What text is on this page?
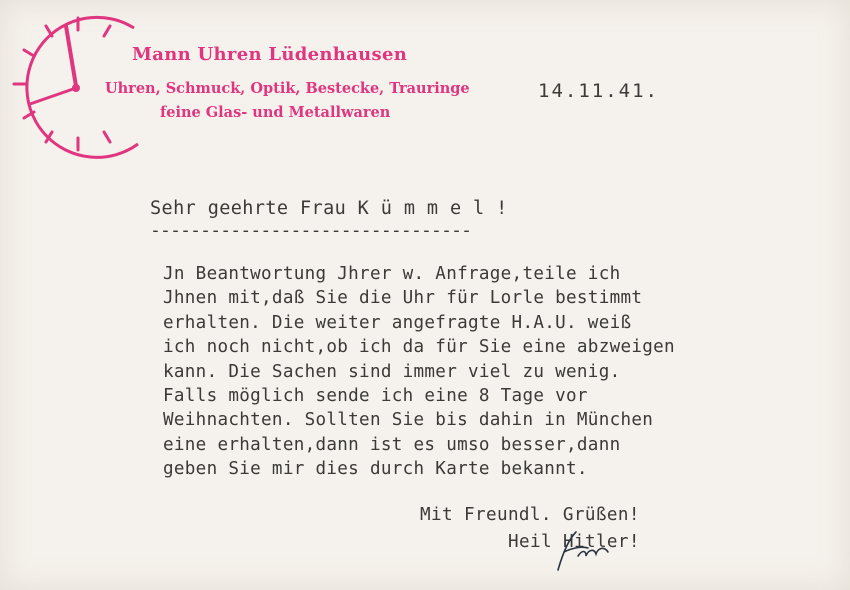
Mann Uhren Lüdenhausen
Uhren, Schmuck, Optik, Bestecke, Trauringe
feine Glas- und Metallwaren
14.11.41.
Sehr geehrte Frau K ü m m e l !
--------------------------------
Jn Beantwortung Jhrer w. Anfrage,teile ich
Jhnen mit,daß Sie die Uhr für Lorle bestimmt
erhalten. Die weiter angefragte H.A.U. weiß
ich noch nicht,ob ich da für Sie eine abzweigen
kann. Die Sachen sind immer viel zu wenig.
Falls möglich sende ich eine 8 Tage vor
Weihnachten. Sollten Sie bis dahin in München
eine erhalten,dann ist es umso besser,dann
geben Sie mir dies durch Karte bekannt.
Mit Freundl. Grüßen!
Heil Hitler!
